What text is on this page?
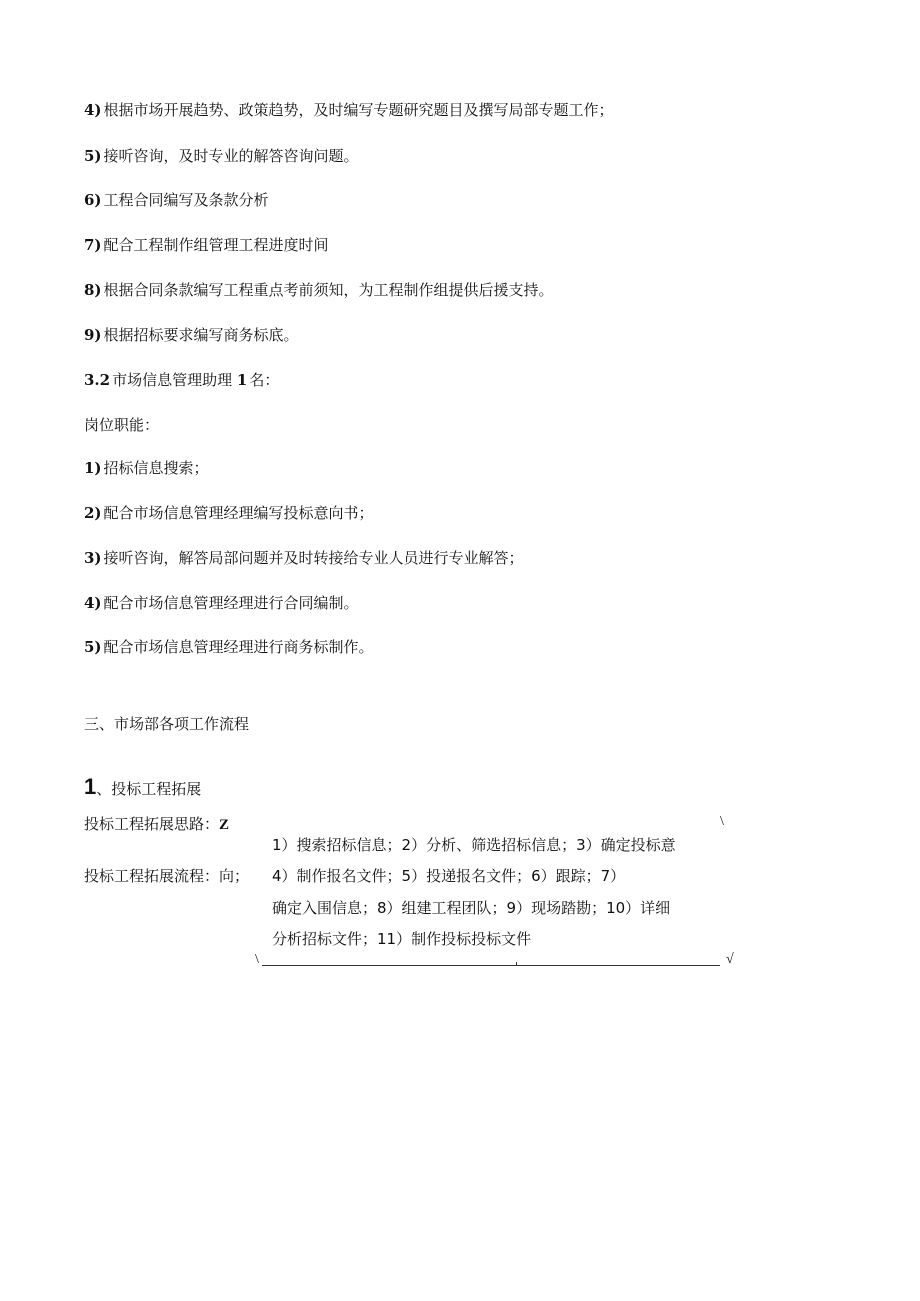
4) 根据市场开展趋势、政策趋势，及时编写专题研究题目及撰写局部专题工作；
5) 接听咨询，及时专业的解答咨询问题。
6) 工程合同编写及条款分析
7) 配合工程制作组管理工程进度时间
8) 根据合同条款编写工程重点考前须知，为工程制作组提供后援支持。
9) 根据招标要求编写商务标底。
3.2 市场信息管理助理 1 名：
岗位职能：
1) 招标信息搜索；
2) 配合市场信息管理经理编写投标意向书；
3) 接听咨询，解答局部问题并及时转接给专业人员进行专业解答；
4) 配合市场信息管理经理进行合同编制。
5) 配合市场信息管理经理进行商务标制作。
三、市场部各项工作流程
1、投标工程拓展
投标工程拓展思路：Z	\
1）搜索招标信息；2）分析、筛选招标信息；3）确定投标意
投标工程拓展流程：向； 4）制作报名文件；5）投递报名文件；6）跟踪；7）
确定入围信息；8）组建工程团队；9）现场踏勘；10）详细
分析招标文件；11）制作投标投标文件
\	√
